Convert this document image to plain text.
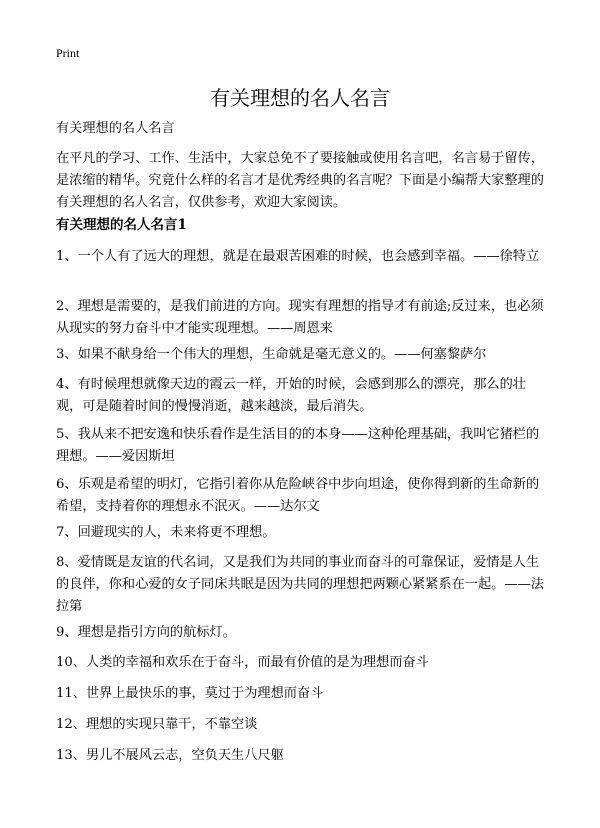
Print
有关理想的名人名言
有关理想的名人名言
在平凡的学习、工作、生活中，大家总免不了要接触或使用名言吧，名言易于留传，是浓缩的精华。究竟什么样的名言才是优秀经典的名言呢？下面是小编帮大家整理的有关理想的名人名言，仅供参考，欢迎大家阅读。
有关理想的名人名言1
1、一个人有了远大的理想，就是在最艰苦困难的时候，也会感到幸福。——徐特立
2、理想是需要的，是我们前进的方向。现实有理想的指导才有前途;反过来，也必须从现实的努力奋斗中才能实现理想。——周恩来
3、如果不献身给一个伟大的理想，生命就是毫无意义的。——何塞黎萨尔
4、有时候理想就像天边的霞云一样，开始的时候，会感到那么的漂亮，那么的壮观，可是随着时间的慢慢消逝，越来越淡，最后消失。
5、我从来不把安逸和快乐看作是生活目的的本身——这种伦理基础，我叫它猪栏的理想。——爱因斯坦
6、乐观是希望的明灯，它指引着你从危险峡谷中步向坦途，使你得到新的生命新的希望，支持着你的理想永不泯灭。——达尔文
7、回避现实的人，未来将更不理想。
8、爱情既是友谊的代名词，又是我们为共同的事业而奋斗的可靠保证，爱情是人生的良伴，你和心爱的女子同床共眠是因为共同的理想把两颗心紧紧系在一起。——法拉第
9、理想是指引方向的航标灯。
10、人类的幸福和欢乐在于奋斗，而最有价值的是为理想而奋斗
11、世界上最快乐的事，莫过于为理想而奋斗
12、理想的实现只靠干，不靠空谈
13、男儿不展风云志，空负天生八尺躯
